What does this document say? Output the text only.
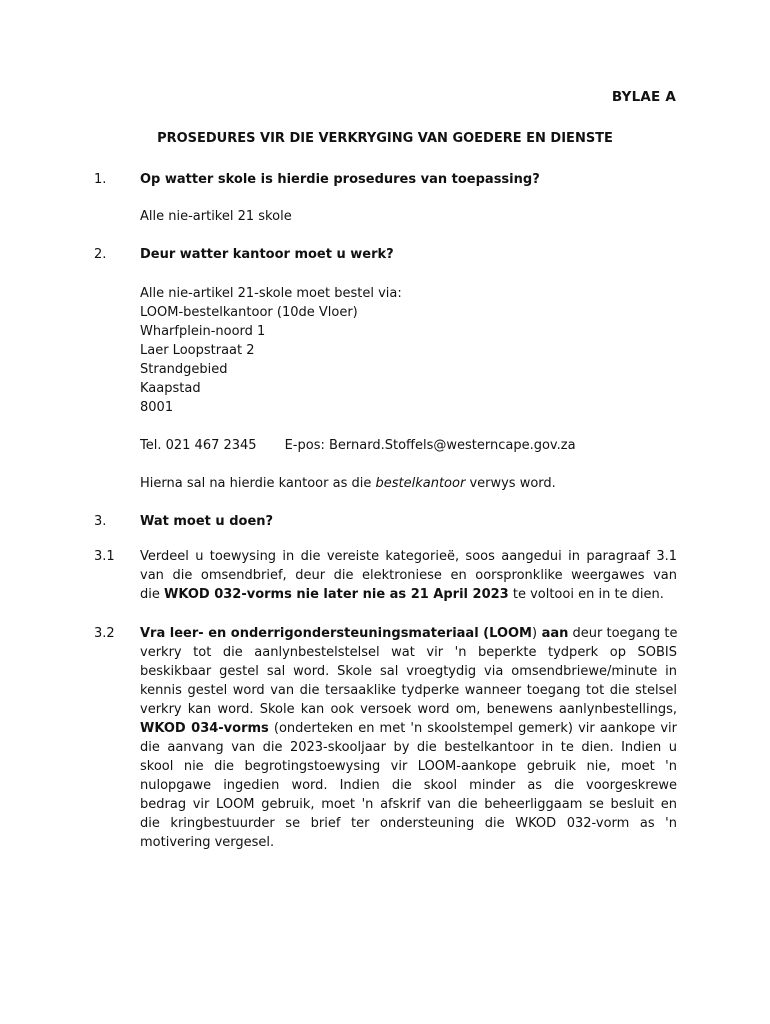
BYLAE A
PROSEDURES VIR DIE VERKRYGING VAN GOEDERE EN DIENSTE
1.	Op watter skole is hierdie prosedures van toepassing?
Alle nie-artikel 21 skole
2.	Deur watter kantoor moet u werk?
Alle nie-artikel 21-skole moet bestel via:
LOOM-bestelkantoor (10de Vloer)
Wharfplein-noord 1
Laer Loopstraat 2
Strandgebied
Kaapstad
8001
Tel. 021 467 2345 E-pos: Bernard.Stoffels@westerncape.gov.za
Hierna sal na hierdie kantoor as die bestelkantoor verwys word.
3.	Wat moet u doen?
3.1 Verdeel u toewysing in die vereiste kategorieë, soos aangedui in paragraaf 3.1
van die omsendbrief, deur die elektroniese en oorspronklike weergawes van
die WKOD 032-vorms nie later nie as 21 April 2023 te voltooi en in te dien.
3.2 Vra leer- en onderrigondersteuningsmateriaal (LOOM) aan deur toegang te
verkry tot die aanlynbestelstelsel wat vir 'n beperkte tydperk op SOBIS
beskikbaar gestel sal word. Skole sal vroegtydig via omsendbriewe/minute in
kennis gestel word van die tersaaklike tydperke wanneer toegang tot die stelsel
verkry kan word. Skole kan ook versoek word om, benewens aanlynbestellings,
WKOD 034-vorms (onderteken en met 'n skoolstempel gemerk) vir aankope vir
die aanvang van die 2023-skooljaar by die bestelkantoor in te dien. Indien u
skool nie die begrotingstoewysing vir LOOM-aankope gebruik nie, moet 'n
nulopgawe ingedien word. Indien die skool minder as die voorgeskrewe
bedrag vir LOOM gebruik, moet 'n afskrif van die beheerliggaam se besluit en
die kringbestuurder se brief ter ondersteuning die WKOD 032-vorm as 'n
motivering vergesel.
